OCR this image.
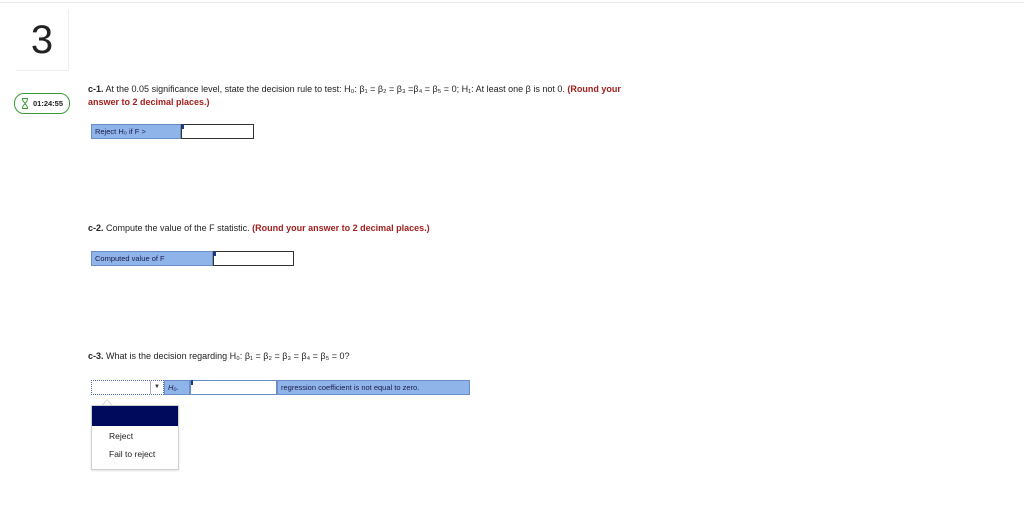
3
01:24:55
c-1. At the 0.05 significance level, state the decision rule to test: H₀: β₁ = β₂ = β₃ =β₄ = β₅ = 0; H₁: At least one β is not 0. (Round your
answer to 2 decimal places.)
Reject H₀ if F >
c-2. Compute the value of the F statistic. (Round your answer to 2 decimal places.)
Computed value of F
c-3. What is the decision regarding H₀: β₁ = β₂ = β₃ = β₄ = β₅ = 0?
▼	H₀.	regression coefficient is not equal to zero.
Reject
Fail to reject
